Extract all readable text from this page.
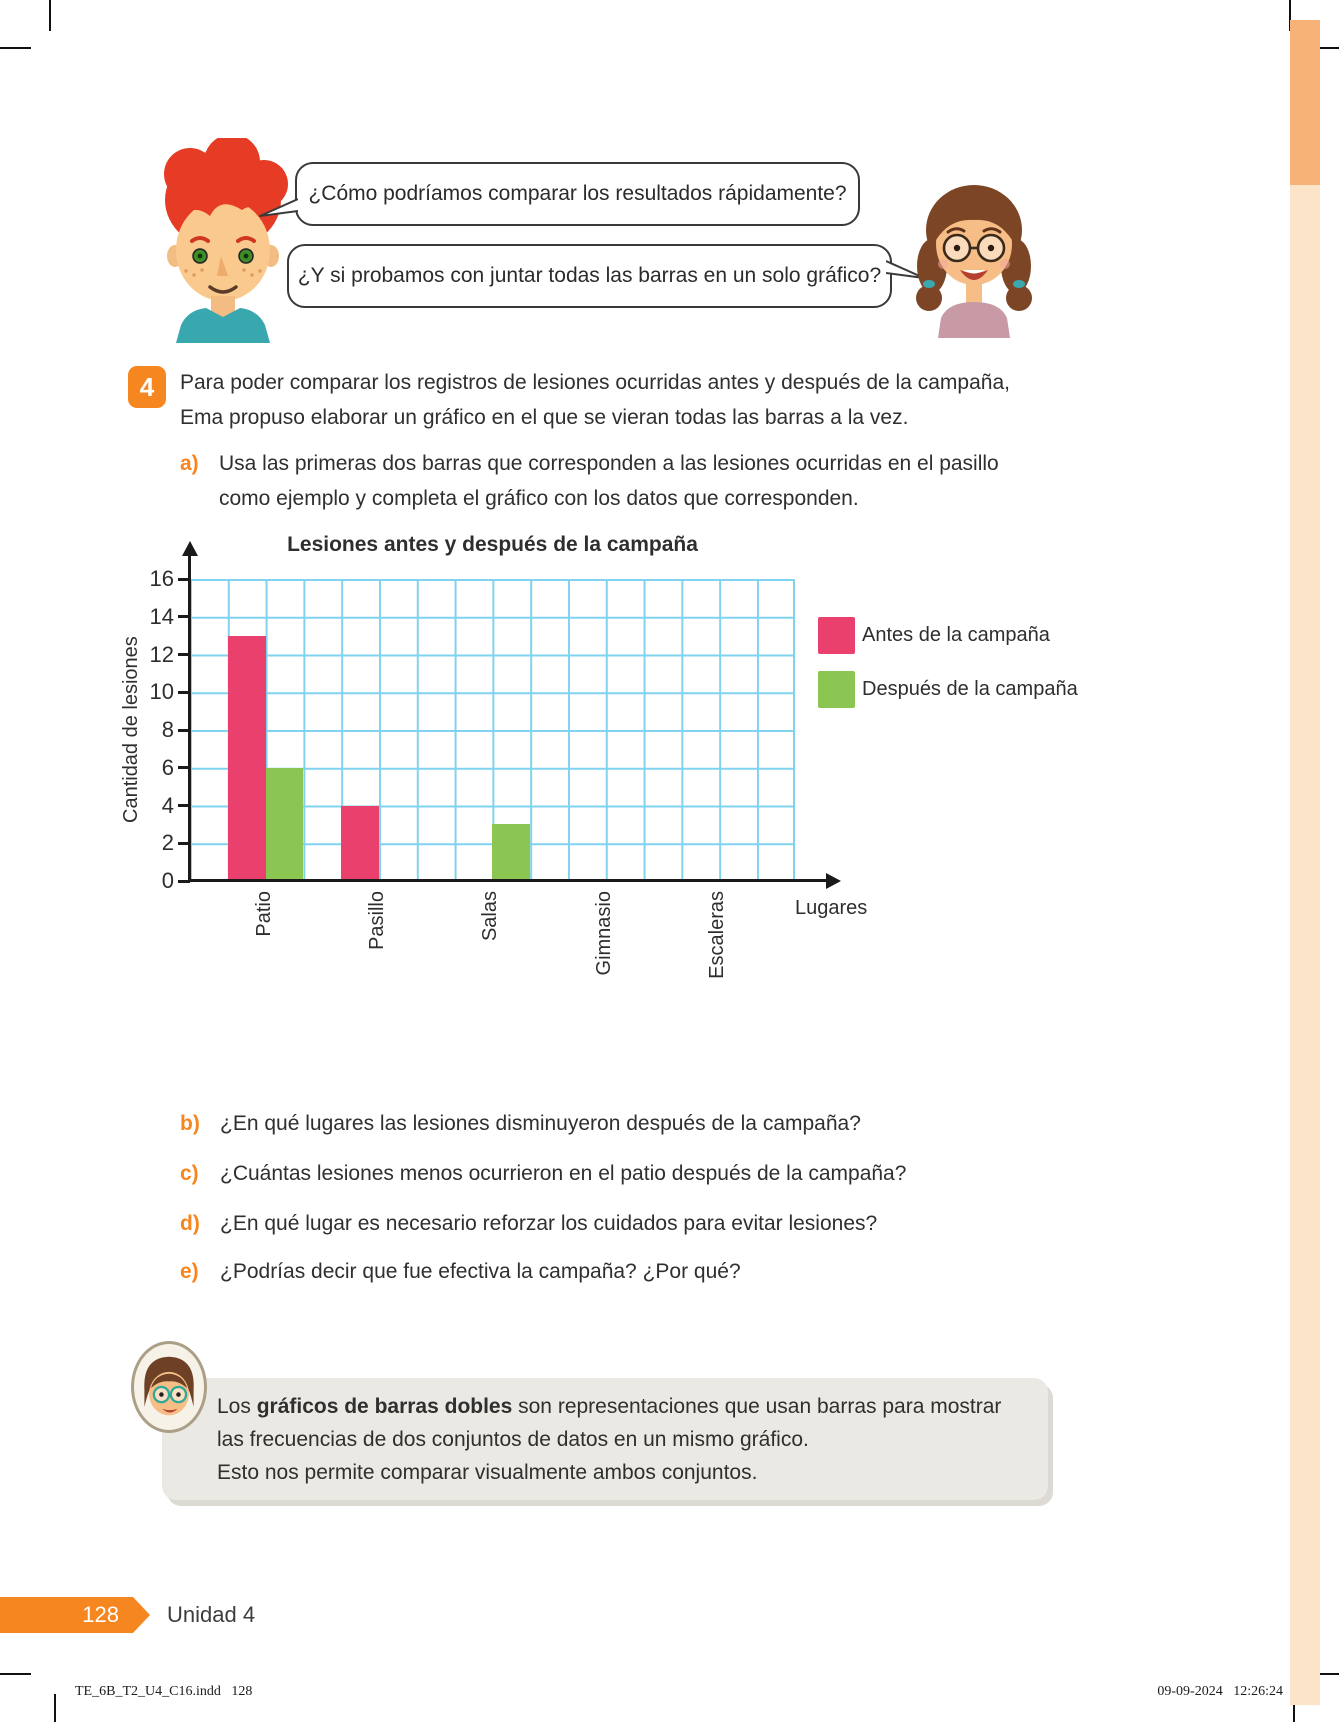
¿Cómo podríamos comparar los resultados rápidamente?
¿Y si probamos con juntar todas las barras en un solo gráfico?
4	Para poder comparar los registros de lesiones ocurridas antes y después de la campaña,
Ema propuso elaborar un gráfico en el que se vieran todas las barras a la vez.
a) Usa las primeras dos barras que corresponden a las lesiones ocurridas en el pasillo
como ejemplo y completa el gráfico con los datos que corresponden.
Lesiones antes y después de la campaña
Cantidad de lesiones
0
2
4
6
8
10
12
14
16
Patio	Pasillo	Salas	Gimnasio	Escaleras	Lugares
Antes de la campaña
Después de la campaña
b) ¿En qué lugares las lesiones disminuyeron después de la campaña?
c) ¿Cuántas lesiones menos ocurrieron en el patio después de la campaña?
d) ¿En qué lugar es necesario reforzar los cuidados para evitar lesiones?
e) ¿Podrías decir que fue efectiva la campaña? ¿Por qué?
Los gráficos de barras dobles son representaciones que usan barras para mostrar
las frecuencias de dos conjuntos de datos en un mismo gráfico.
Esto nos permite comparar visualmente ambos conjuntos.
128	Unidad 4
TE_6B_T2_U4_C16.indd   128	09-09-2024   12:26:24
